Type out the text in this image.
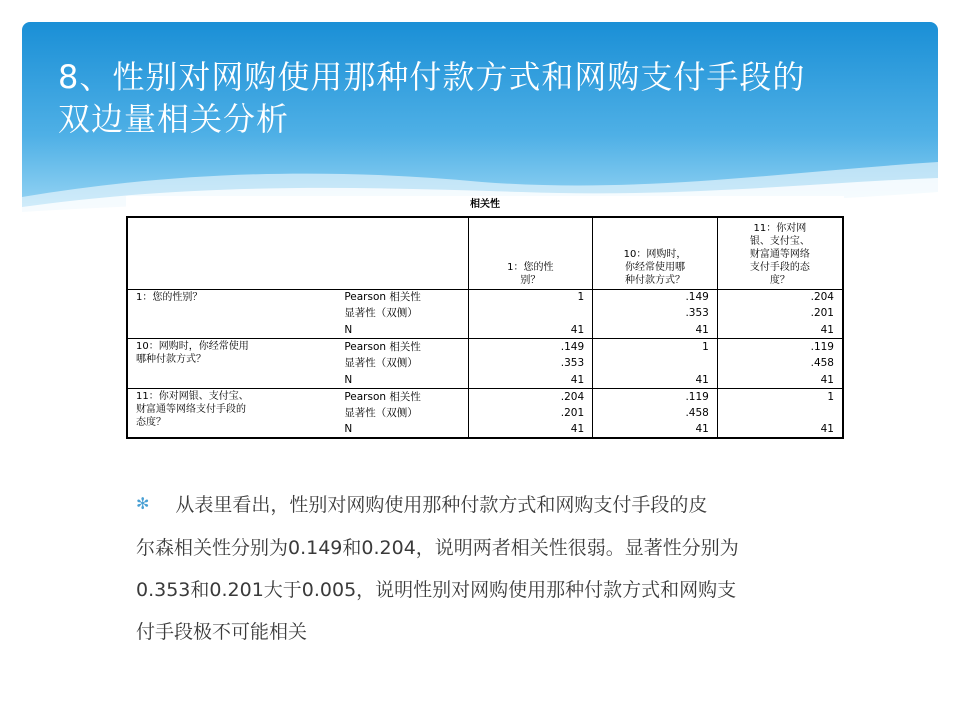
8、性别对网购使用那种付款方式和网购支付手段的
双边量相关分析
相关性
		1：您的性
别？	10：网购时，
你经常使用哪
种付款方式？	11：你对网
银、支付宝、
财富通等网络
支付手段的态
度？
1：您的性别？	Pearson 相关性	1	.149	.204
	显著性（双侧）		.353	.201
	N	41	41	41
10：网购时，你经常使用
哪种付款方式？	Pearson 相关性	.149	1	.119
	显著性（双侧）	.353		.458
	N	41	41	41
11：你对网银、支付宝、
财富通等网络支付手段的
态度？	Pearson 相关性	.204	.119	1
	显著性（双侧）	.201	.458	
	N	41	41	41
✻ 从表里看出，性别对网购使用那种付款方式和网购支付手段的皮
尔森相关性分别为0.149和0.204，说明两者相关性很弱。显著性分别为
0.353和0.201大于0.005，说明性别对网购使用那种付款方式和网购支
付手段极不可能相关
